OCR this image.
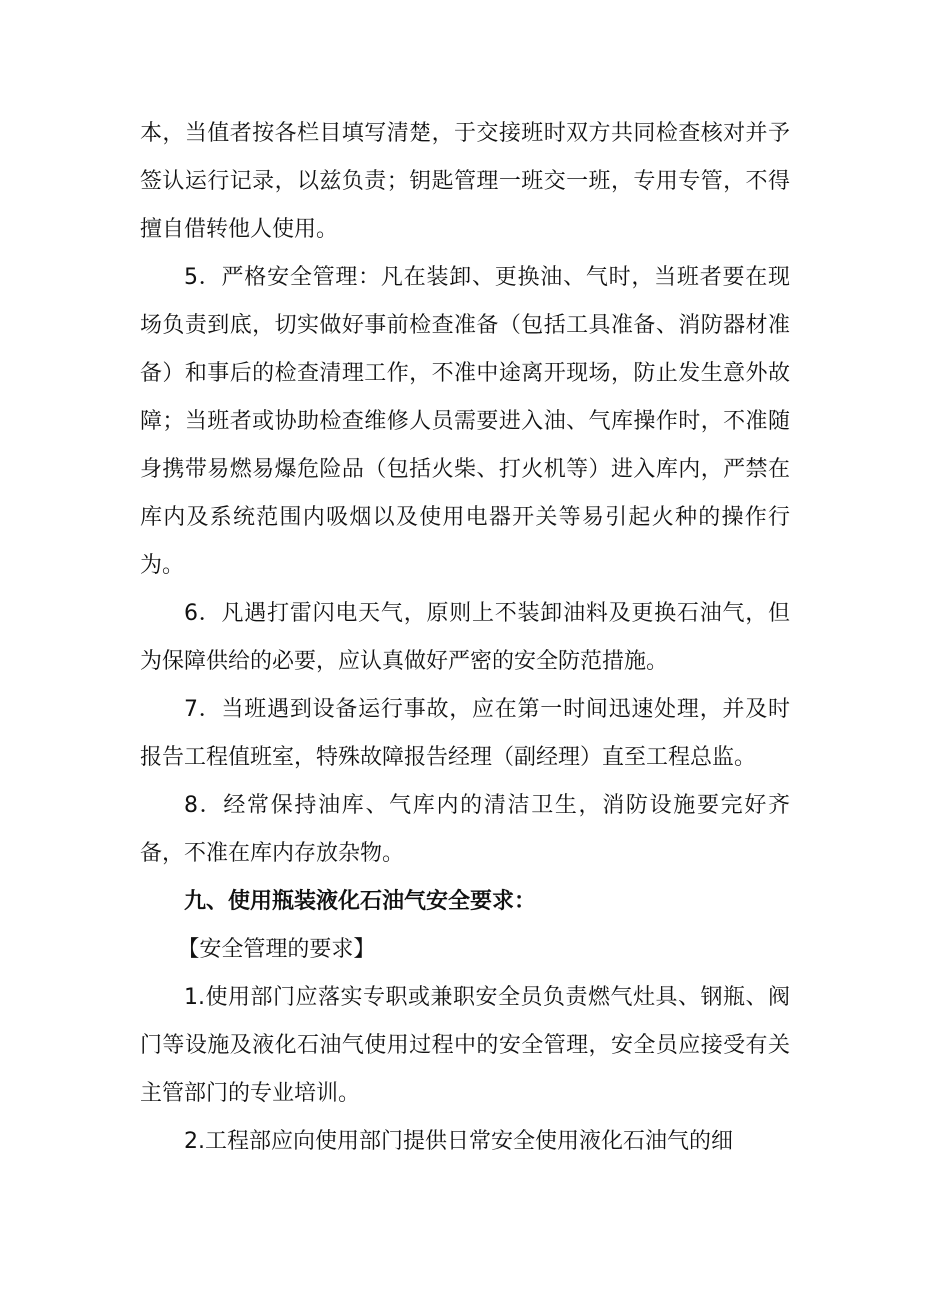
本，当值者按各栏目填写清楚，于交接班时双方共同检查核对并予签认运行记录，以兹负责；钥匙管理一班交一班，专用专管，不得擅自借转他人使用。

5．严格安全管理：凡在装卸、更换油、气时，当班者要在现场负责到底，切实做好事前检查准备（包括工具准备、消防器材准备）和事后的检查清理工作，不准中途离开现场，防止发生意外故障；当班者或协助检查维修人员需要进入油、气库操作时，不准随身携带易燃易爆危险品（包括火柴、打火机等）进入库内，严禁在库内及系统范围内吸烟以及使用电器开关等易引起火种的操作行为。

6．凡遇打雷闪电天气，原则上不装卸油料及更换石油气，但为保障供给的必要，应认真做好严密的安全防范措施。

7．当班遇到设备运行事故，应在第一时间迅速处理，并及时报告工程值班室，特殊故障报告经理（副经理）直至工程总监。

8．经常保持油库、气库内的清洁卫生，消防设施要完好齐备，不准在库内存放杂物。

九、使用瓶装液化石油气安全要求：

【安全管理的要求】

1.使用部门应落实专职或兼职安全员负责燃气灶具、钢瓶、阀门等设施及液化石油气使用过程中的安全管理，安全员应接受有关主管部门的专业培训。

2.工程部应向使用部门提供日常安全使用液化石油气的细
